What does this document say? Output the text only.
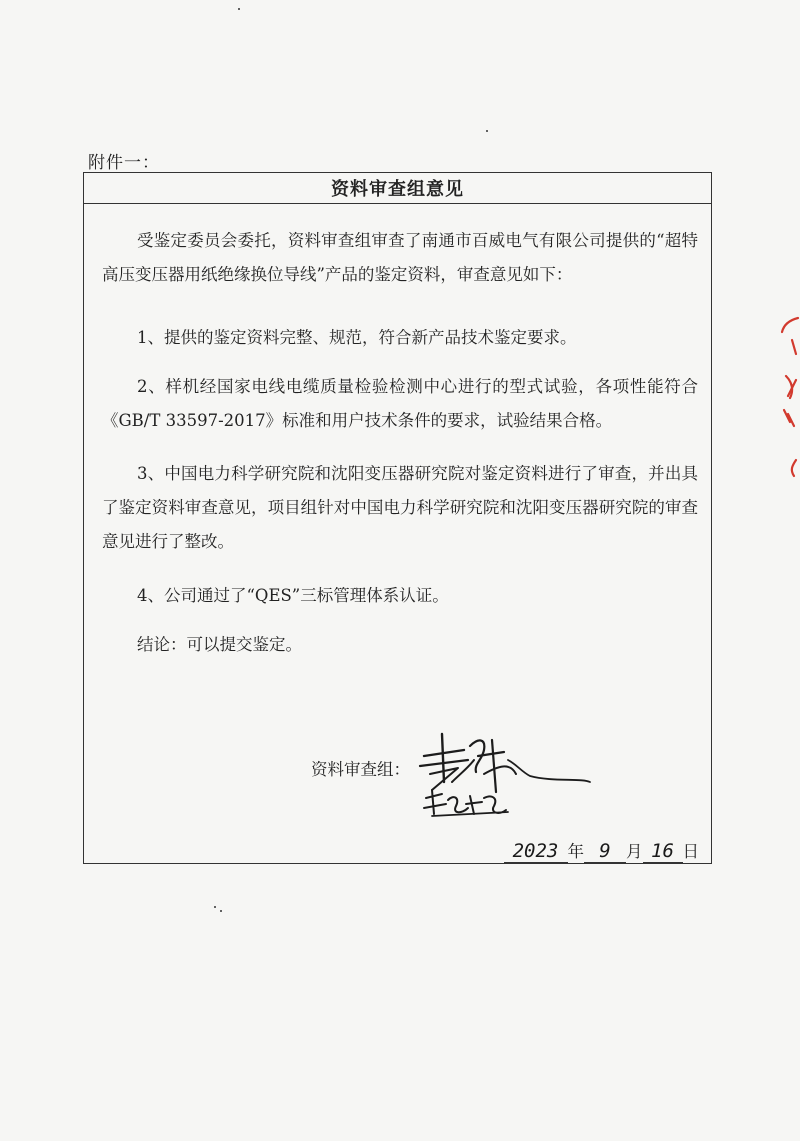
附件一：
资料审查组意见

受鉴定委员会委托，资料审查组审查了南通市百威电气有限公司提供的“超特高压变压器用纸绝缘换位导线”产品的鉴定资料，审查意见如下：

1、提供的鉴定资料完整、规范，符合新产品技术鉴定要求。

2、样机经国家电线电缆质量检验检测中心进行的型式试验，各项性能符合《GB/T 33597-2017》标准和用户技术条件的要求，试验结果合格。

3、中国电力科学研究院和沈阳变压器研究院对鉴定资料进行了审查，并出具了鉴定资料审查意见，项目组针对中国电力科学研究院和沈阳变压器研究院的审查意见进行了整改。

4、公司通过了“QES”三标管理体系认证。

结论：可以提交鉴定。

资料审查组：
2023 年 9 月 16 日
